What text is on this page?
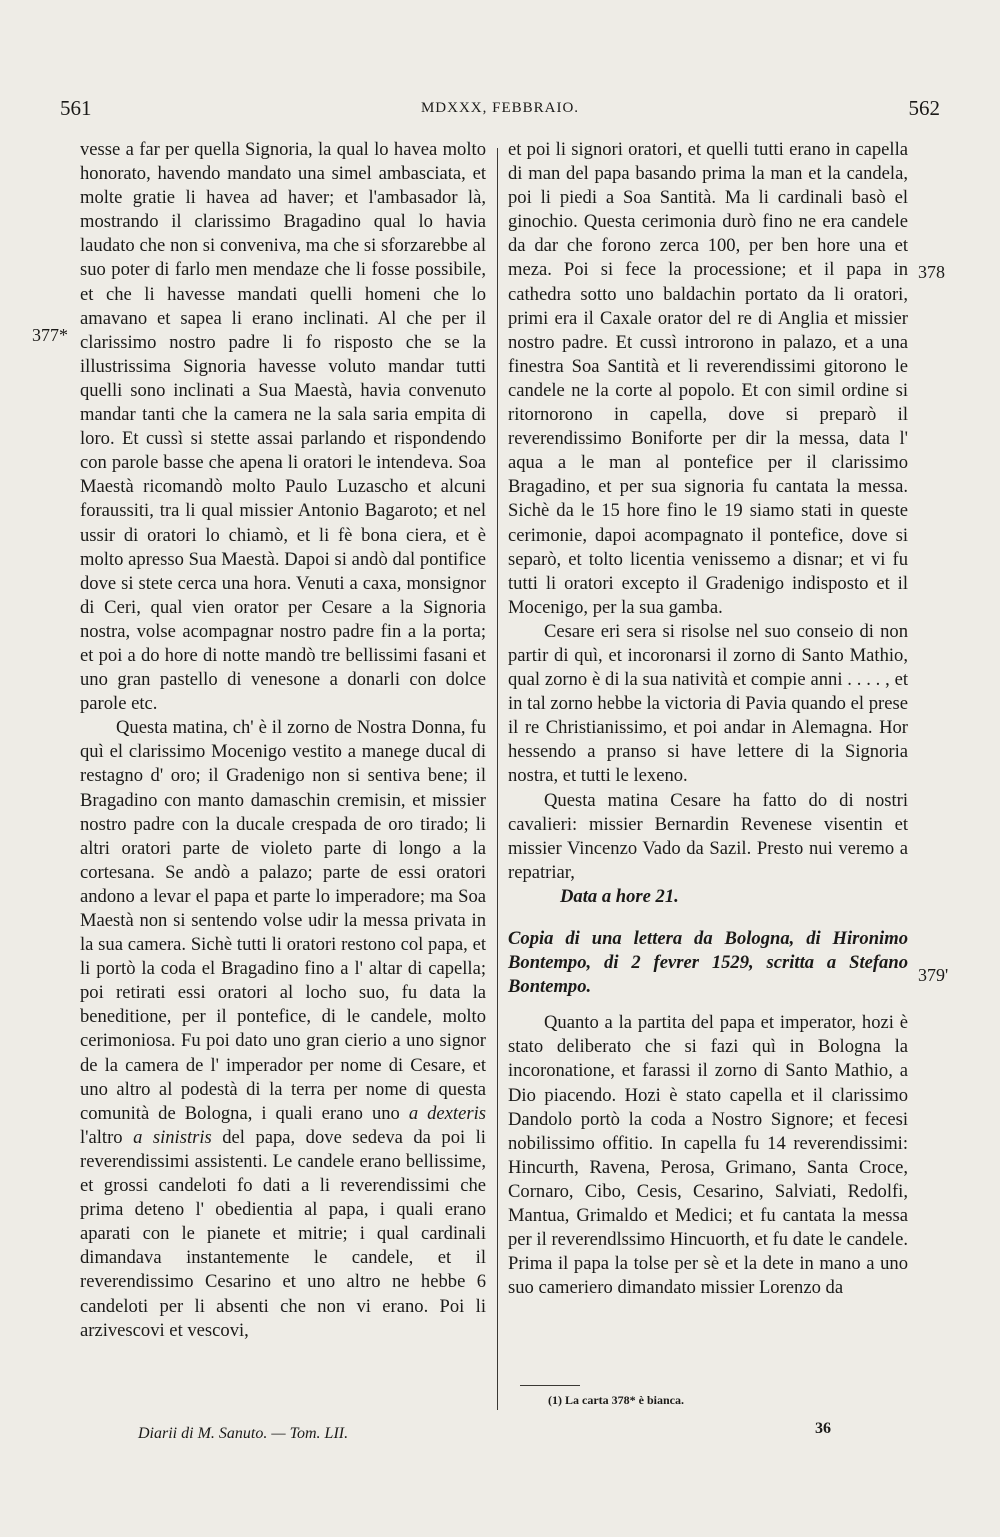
561	MDXXX, FEBBRAIO.	562
377*
378
379'

vesse a far per quella Signoria, la qual lo havea molto honorato, havendo mandato una simel ambasciata, et molte gratie li havea ad haver; et l'ambasador là, mostrando il clarissimo Bragadino qual lo havia laudato che non si conveniva, ma che si sforzarebbe al suo poter di farlo men mendaze che li fosse possibile, et che li havesse mandati quelli homeni che lo amavano et sapea li erano inclinati. Al che per il clarissimo nostro padre li fo risposto che se la illustrissima Signoria havesse voluto mandar tutti quelli sono inclinati a Sua Maestà, havia convenuto mandar tanti che la camera ne la sala saria empita di loro. Et cussì si stette assai parlando et rispondendo con parole basse che apena li oratori le intendeva. Soa Maestà ricomandò molto Paulo Luzascho et alcuni foraussiti, tra li qual missier Antonio Bagaroto; et nel ussir di oratori lo chiamò, et li fè bona ciera, et è molto apresso Sua Maestà. Dapoi si andò dal pontifice dove si stete cerca una hora. Venuti a caxa, monsignor di Ceri, qual vien orator per Cesare a la Signoria nostra, volse acompagnar nostro padre fin a la porta; et poi a do hore di notte mandò tre bellissimi fasani et uno gran pastello di venesone a donarli con dolce parole etc.

Questa matina, ch' è il zorno de Nostra Donna, fu quì el clarissimo Mocenigo vestito a manege ducal di restagno d' oro; il Gradenigo non si sentiva bene; il Bragadino con manto damaschin cremisin, et missier nostro padre con la ducale crespada de oro tirado; li altri oratori parte de violeto parte di longo a la cortesana. Se andò a palazo; parte de essi oratori andono a levar el papa et parte lo imperadore; ma Soa Maestà non si sentendo volse udir la messa privata in la sua camera. Sichè tutti li oratori restono col papa, et li portò la coda el Bragadino fino a l' altar di capella; poi retirati essi oratori al locho suo, fu data la beneditione, per il pontefice, di le candele, molto cerimoniosa. Fu poi dato uno gran cierio a uno signor de la camera de l' imperador per nome di Cesare, et uno altro al podestà di la terra per nome di questa comunità de Bologna, i quali erano uno a dexteris l'altro a sinistris del papa, dove sedeva da poi li reverendissimi assistenti. Le candele erano bellissime, et grossi candeloti fo dati a li reverendissimi che prima deteno l' obedientia al papa, i quali erano aparati con le pianete et mitrie; i qual cardinali dimandava instantemente le candele, et il reverendissimo Cesarino et uno altro ne hebbe 6 candeloti per li absenti che non vi erano. Poi li arzivescovi et vescovi,

et poi li signori oratori, et quelli tutti erano in capella di man del papa basando prima la man et la candela, poi li piedi a Soa Santità. Ma li cardinali basò el ginochio. Questa cerimonia durò fino ne era candele da dar che forono zerca 100, per ben hore una et meza. Poi si fece la processione; et il papa in cathedra sotto uno baldachin portato da li oratori, primi era il Caxale orator del re di Anglia et missier nostro padre. Et cussì introrono in palazo, et a una finestra Soa Santità et li reverendissimi gitorono le candele ne la corte al popolo. Et con simil ordine si ritornorono in capella, dove si preparò il reverendissimo Boniforte per dir la messa, data l' aqua a le man al pontefice per il clarissimo Bragadino, et per sua signoria fu cantata la messa. Sichè da le 15 hore fino le 19 siamo stati in queste cerimonie, dapoi acompagnato il pontefice, dove si separò, et tolto licentia venissemo a disnar; et vi fu tutti li oratori excepto il Gradenigo indisposto et il Mocenigo, per la sua gamba.

Cesare eri sera si risolse nel suo conseio di non partir di quì, et incoronarsi il zorno di Santo Mathio, qual zorno è di la sua natività et compie anni . . . . , et in tal zorno hebbe la victoria di Pavia quando el prese il re Christianissimo, et poi andar in Alemagna. Hor hessendo a pranso si have lettere di la Signoria nostra, et tutti le lexeno.

Questa matina Cesare ha fatto do di nostri cavalieri: missier Bernardin Revenese visentin et missier Vincenzo Vado da Sazil. Presto nui veremo a repatriar,

Data a hore 21.

Copia di una lettera da Bologna, di Hironimo Bontempo, di 2 fevrer 1529, scritta a Stefano Bontempo.

Quanto a la partita del papa et imperator, hozi è stato deliberato che si fazi quì in Bologna la incoronatione, et farassi il zorno di Santo Mathio, a Dio piacendo. Hozi è stato capella et il clarissimo Dandolo portò la coda a Nostro Signore; et fecesi nobilissimo offitio. In capella fu 14 reverendissimi: Hincurth, Ravena, Perosa, Grimano, Santa Croce, Cornaro, Cibo, Cesis, Cesarino, Salviati, Redolfi, Mantua, Grimaldo et Medici; et fu cantata la messa per il reverendlssimo Hincuorth, et fu date le candele. Prima il papa la tolse per sè et la dete in mano a uno suo cameriero dimandato missier Lorenzo da

(1) La carta 378* è bianca.
Diarii di M. Sanuto. — Tom. LII.	36
